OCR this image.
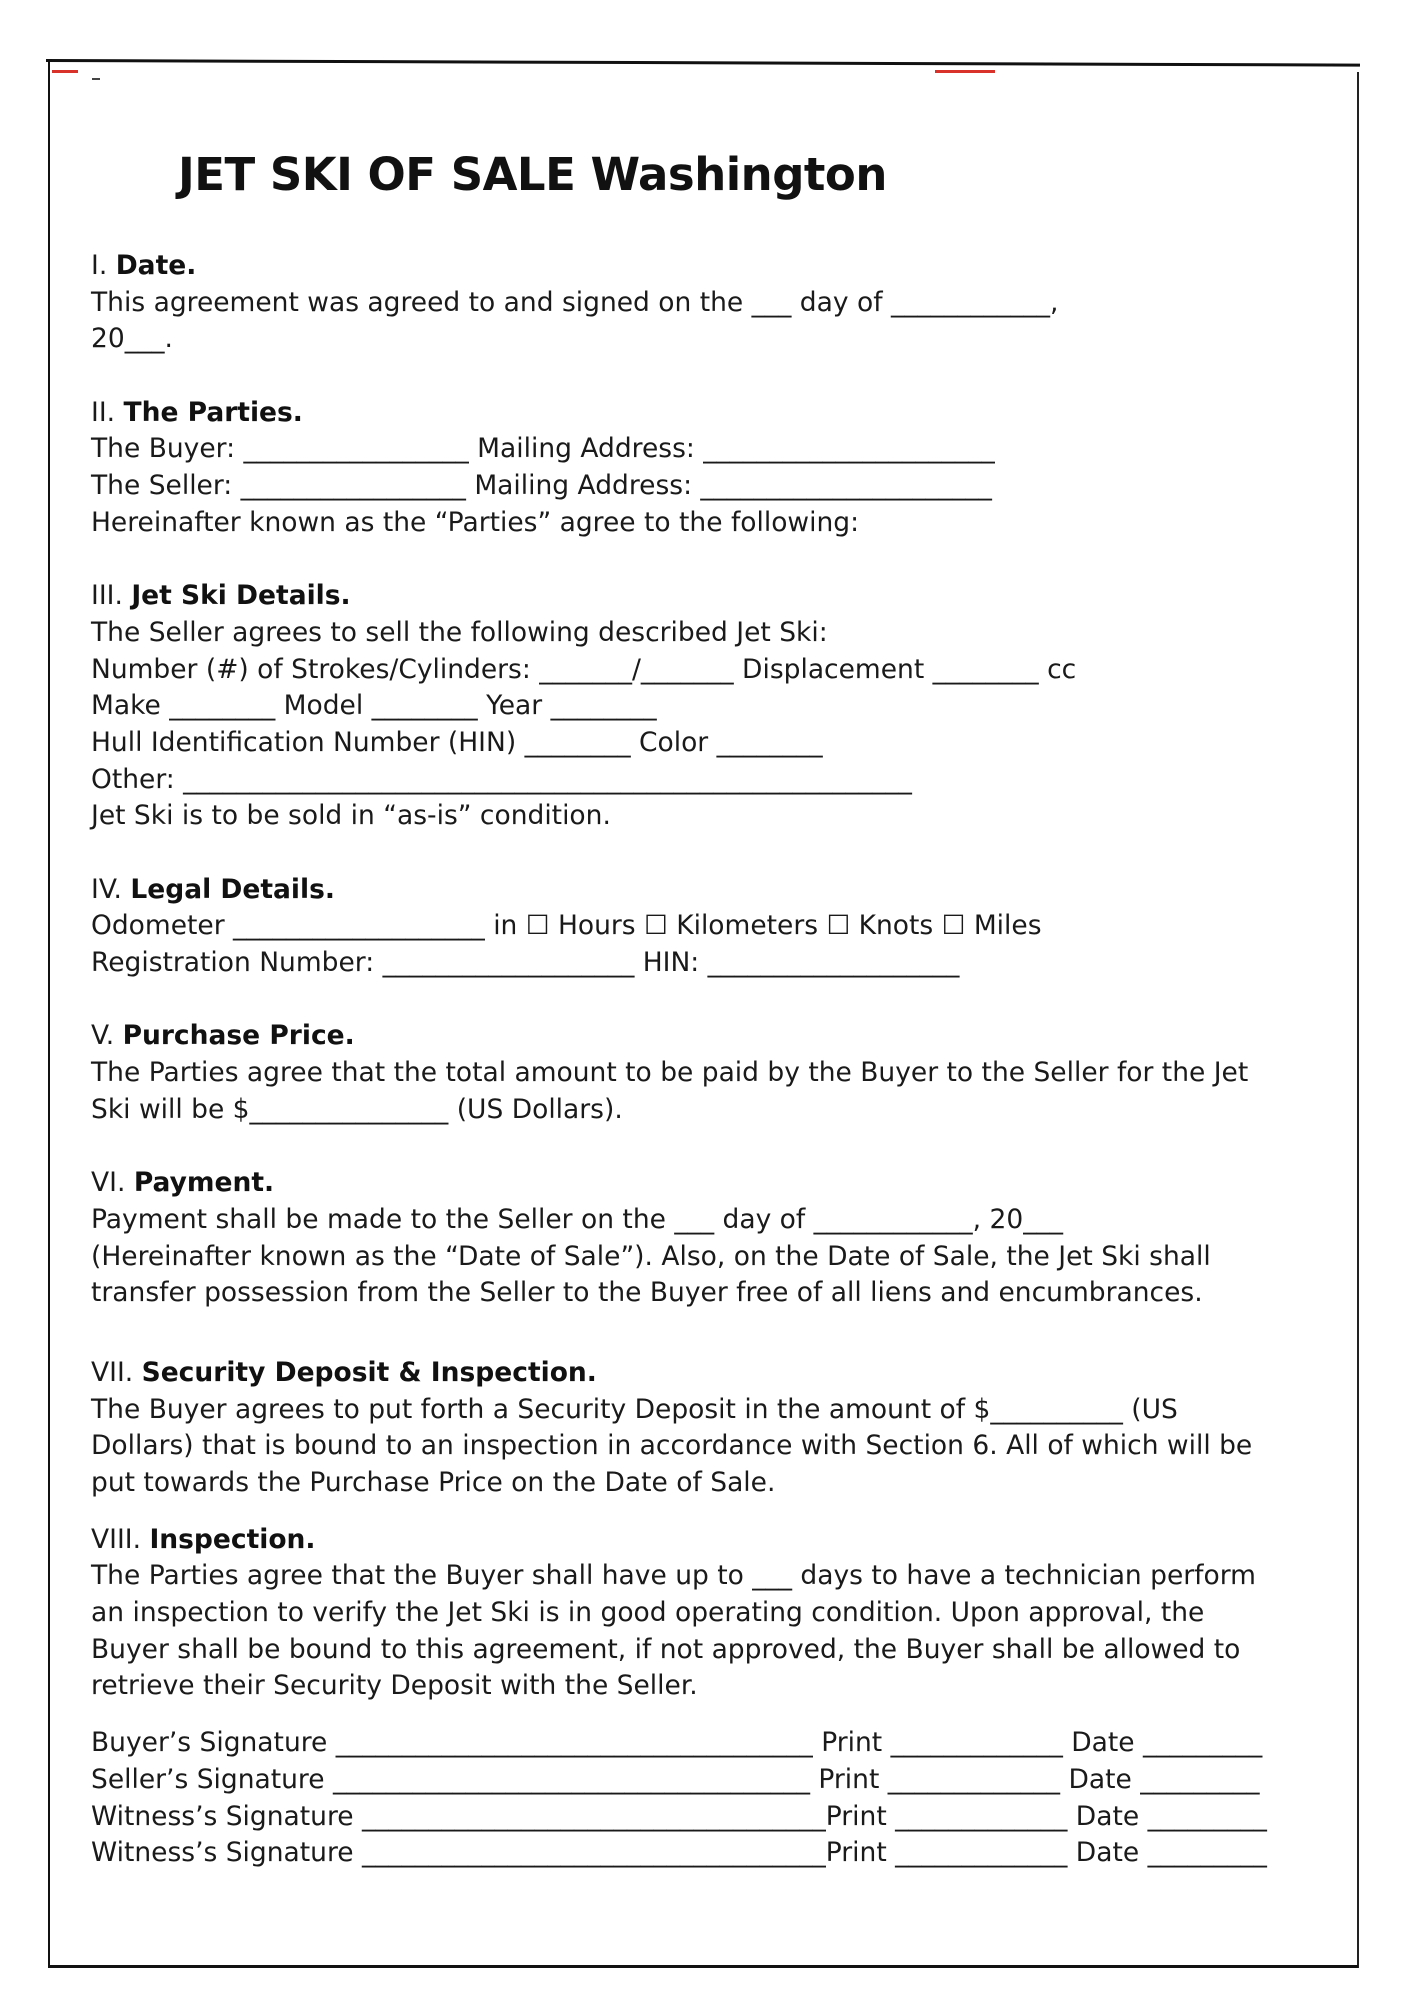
JET SKI OF SALE Washington
I. Date.
This agreement was agreed to and signed on the ___ day of ____________,
20___.
II. The Parties.
The Buyer: _________________ Mailing Address: ______________________
The Seller: _________________ Mailing Address: ______________________
Hereinafter known as the “Parties” agree to the following:
III. Jet Ski Details.
The Seller agrees to sell the following described Jet Ski:
Number (#) of Strokes/Cylinders: _______/_______ Displacement ________ cc
Make ________ Model ________ Year ________
Hull Identification Number (HIN) ________ Color ________
Other: _______________________________________________________
Jet Ski is to be sold in “as-is” condition.
IV. Legal Details.
Odometer ___________________ in ☐ Hours ☐ Kilometers ☐ Knots ☐ Miles
Registration Number: ___________________ HIN: ___________________
V. Purchase Price.
The Parties agree that the total amount to be paid by the Buyer to the Seller for the Jet
Ski will be $_______________ (US Dollars).
VI. Payment.
Payment shall be made to the Seller on the ___ day of ____________, 20___
(Hereinafter known as the “Date of Sale”). Also, on the Date of Sale, the Jet Ski shall
transfer possession from the Seller to the Buyer free of all liens and encumbrances.
VII. Security Deposit & Inspection.
The Buyer agrees to put forth a Security Deposit in the amount of $__________ (US
Dollars) that is bound to an inspection in accordance with Section 6. All of which will be
put towards the Purchase Price on the Date of Sale.
VIII. Inspection.
The Parties agree that the Buyer shall have up to ___ days to have a technician perform
an inspection to verify the Jet Ski is in good operating condition. Upon approval, the
Buyer shall be bound to this agreement, if not approved, the Buyer shall be allowed to
retrieve their Security Deposit with the Seller.
Buyer’s Signature ____________________________________ Print _____________ Date _________
Seller’s Signature ____________________________________ Print _____________ Date _________
Witness’s Signature ___________________________________Print _____________ Date _________
Witness’s Signature ___________________________________Print _____________ Date _________
